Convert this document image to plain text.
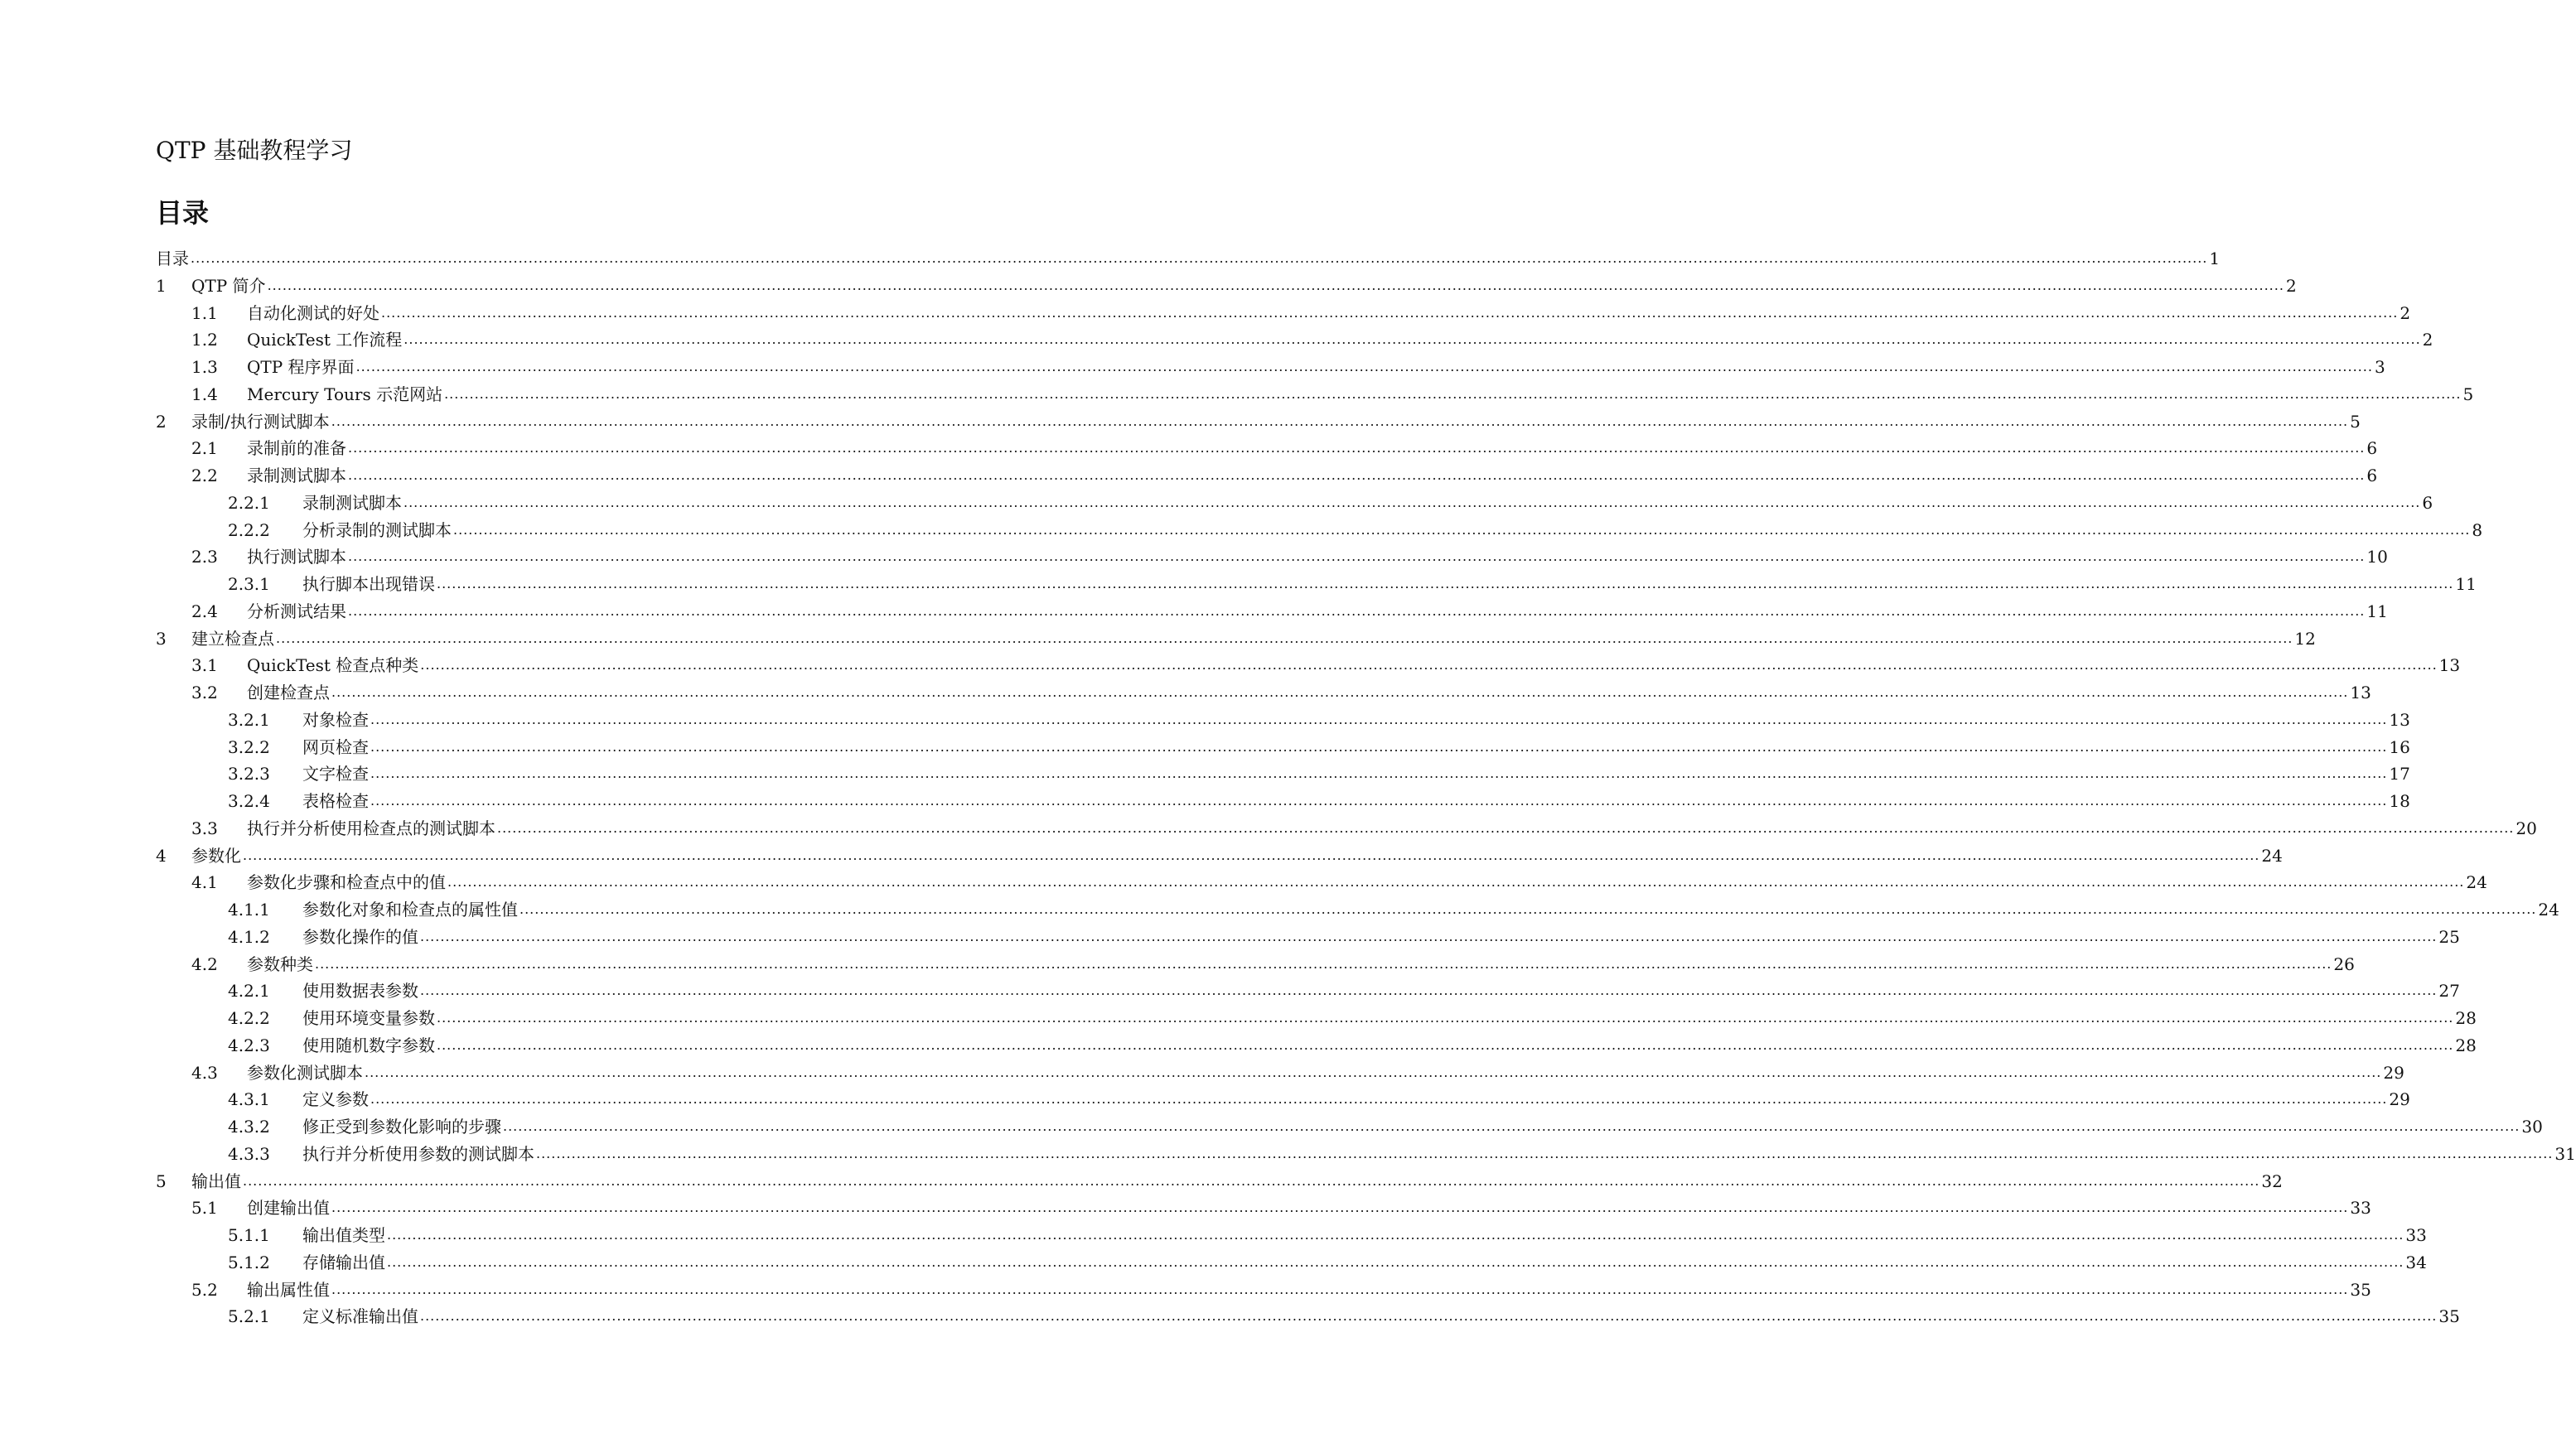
QTP 基础教程学习
目录
目录 ................................................................................................................................................................................................................................................................................................................................................................................................................ 1
1 QTP 简介 ................................................................................................................................................................................................................................................................................................................................................................................................................ 2
1.1 自动化测试的好处 ................................................................................................................................................................................................................................................................................................................................................................................................................ 2
1.2 QuickTest 工作流程 ................................................................................................................................................................................................................................................................................................................................................................................................................ 2
1.3 QTP 程序界面 ................................................................................................................................................................................................................................................................................................................................................................................................................ 3
1.4 Mercury Tours 示范网站 ................................................................................................................................................................................................................................................................................................................................................................................................................ 5
2 录制/执行测试脚本 ................................................................................................................................................................................................................................................................................................................................................................................................................ 5
2.1 录制前的准备 ................................................................................................................................................................................................................................................................................................................................................................................................................ 6
2.2 录制测试脚本 ................................................................................................................................................................................................................................................................................................................................................................................................................ 6
2.2.1 录制测试脚本 ................................................................................................................................................................................................................................................................................................................................................................................................................ 6
2.2.2 分析录制的测试脚本 ................................................................................................................................................................................................................................................................................................................................................................................................................ 8
2.3 执行测试脚本 ................................................................................................................................................................................................................................................................................................................................................................................................................ 10
2.3.1 执行脚本出现错误 ................................................................................................................................................................................................................................................................................................................................................................................................................ 11
2.4 分析测试结果 ................................................................................................................................................................................................................................................................................................................................................................................................................ 11
3 建立检查点 ................................................................................................................................................................................................................................................................................................................................................................................................................ 12
3.1 QuickTest 检查点种类 ................................................................................................................................................................................................................................................................................................................................................................................................................ 13
3.2 创建检查点 ................................................................................................................................................................................................................................................................................................................................................................................................................ 13
3.2.1 对象检查 ................................................................................................................................................................................................................................................................................................................................................................................................................ 13
3.2.2 网页检查 ................................................................................................................................................................................................................................................................................................................................................................................................................ 16
3.2.3 文字检查 ................................................................................................................................................................................................................................................................................................................................................................................................................ 17
3.2.4 表格检查 ................................................................................................................................................................................................................................................................................................................................................................................................................ 18
3.3 执行并分析使用检查点的测试脚本 ................................................................................................................................................................................................................................................................................................................................................................................................................ 20
4 参数化 ................................................................................................................................................................................................................................................................................................................................................................................................................ 24
4.1 参数化步骤和检查点中的值 ................................................................................................................................................................................................................................................................................................................................................................................................................ 24
4.1.1 参数化对象和检查点的属性值 ................................................................................................................................................................................................................................................................................................................................................................................................................ 24
4.1.2 参数化操作的值 ................................................................................................................................................................................................................................................................................................................................................................................................................ 25
4.2 参数种类 ................................................................................................................................................................................................................................................................................................................................................................................................................ 26
4.2.1 使用数据表参数 ................................................................................................................................................................................................................................................................................................................................................................................................................ 27
4.2.2 使用环境变量参数 ................................................................................................................................................................................................................................................................................................................................................................................................................ 28
4.2.3 使用随机数字参数 ................................................................................................................................................................................................................................................................................................................................................................................................................ 28
4.3 参数化测试脚本 ................................................................................................................................................................................................................................................................................................................................................................................................................ 29
4.3.1 定义参数 ................................................................................................................................................................................................................................................................................................................................................................................................................ 29
4.3.2 修正受到参数化影响的步骤 ................................................................................................................................................................................................................................................................................................................................................................................................................ 30
4.3.3 执行并分析使用参数的测试脚本 ................................................................................................................................................................................................................................................................................................................................................................................................................ 31
5 输出值 ................................................................................................................................................................................................................................................................................................................................................................................................................ 32
5.1 创建输出值 ................................................................................................................................................................................................................................................................................................................................................................................................................ 33
5.1.1 输出值类型 ................................................................................................................................................................................................................................................................................................................................................................................................................ 33
5.1.2 存储输出值 ................................................................................................................................................................................................................................................................................................................................................................................................................ 34
5.2 输出属性值 ................................................................................................................................................................................................................................................................................................................................................................................................................ 35
5.2.1 定义标准输出值 ................................................................................................................................................................................................................................................................................................................................................................................................................ 35
